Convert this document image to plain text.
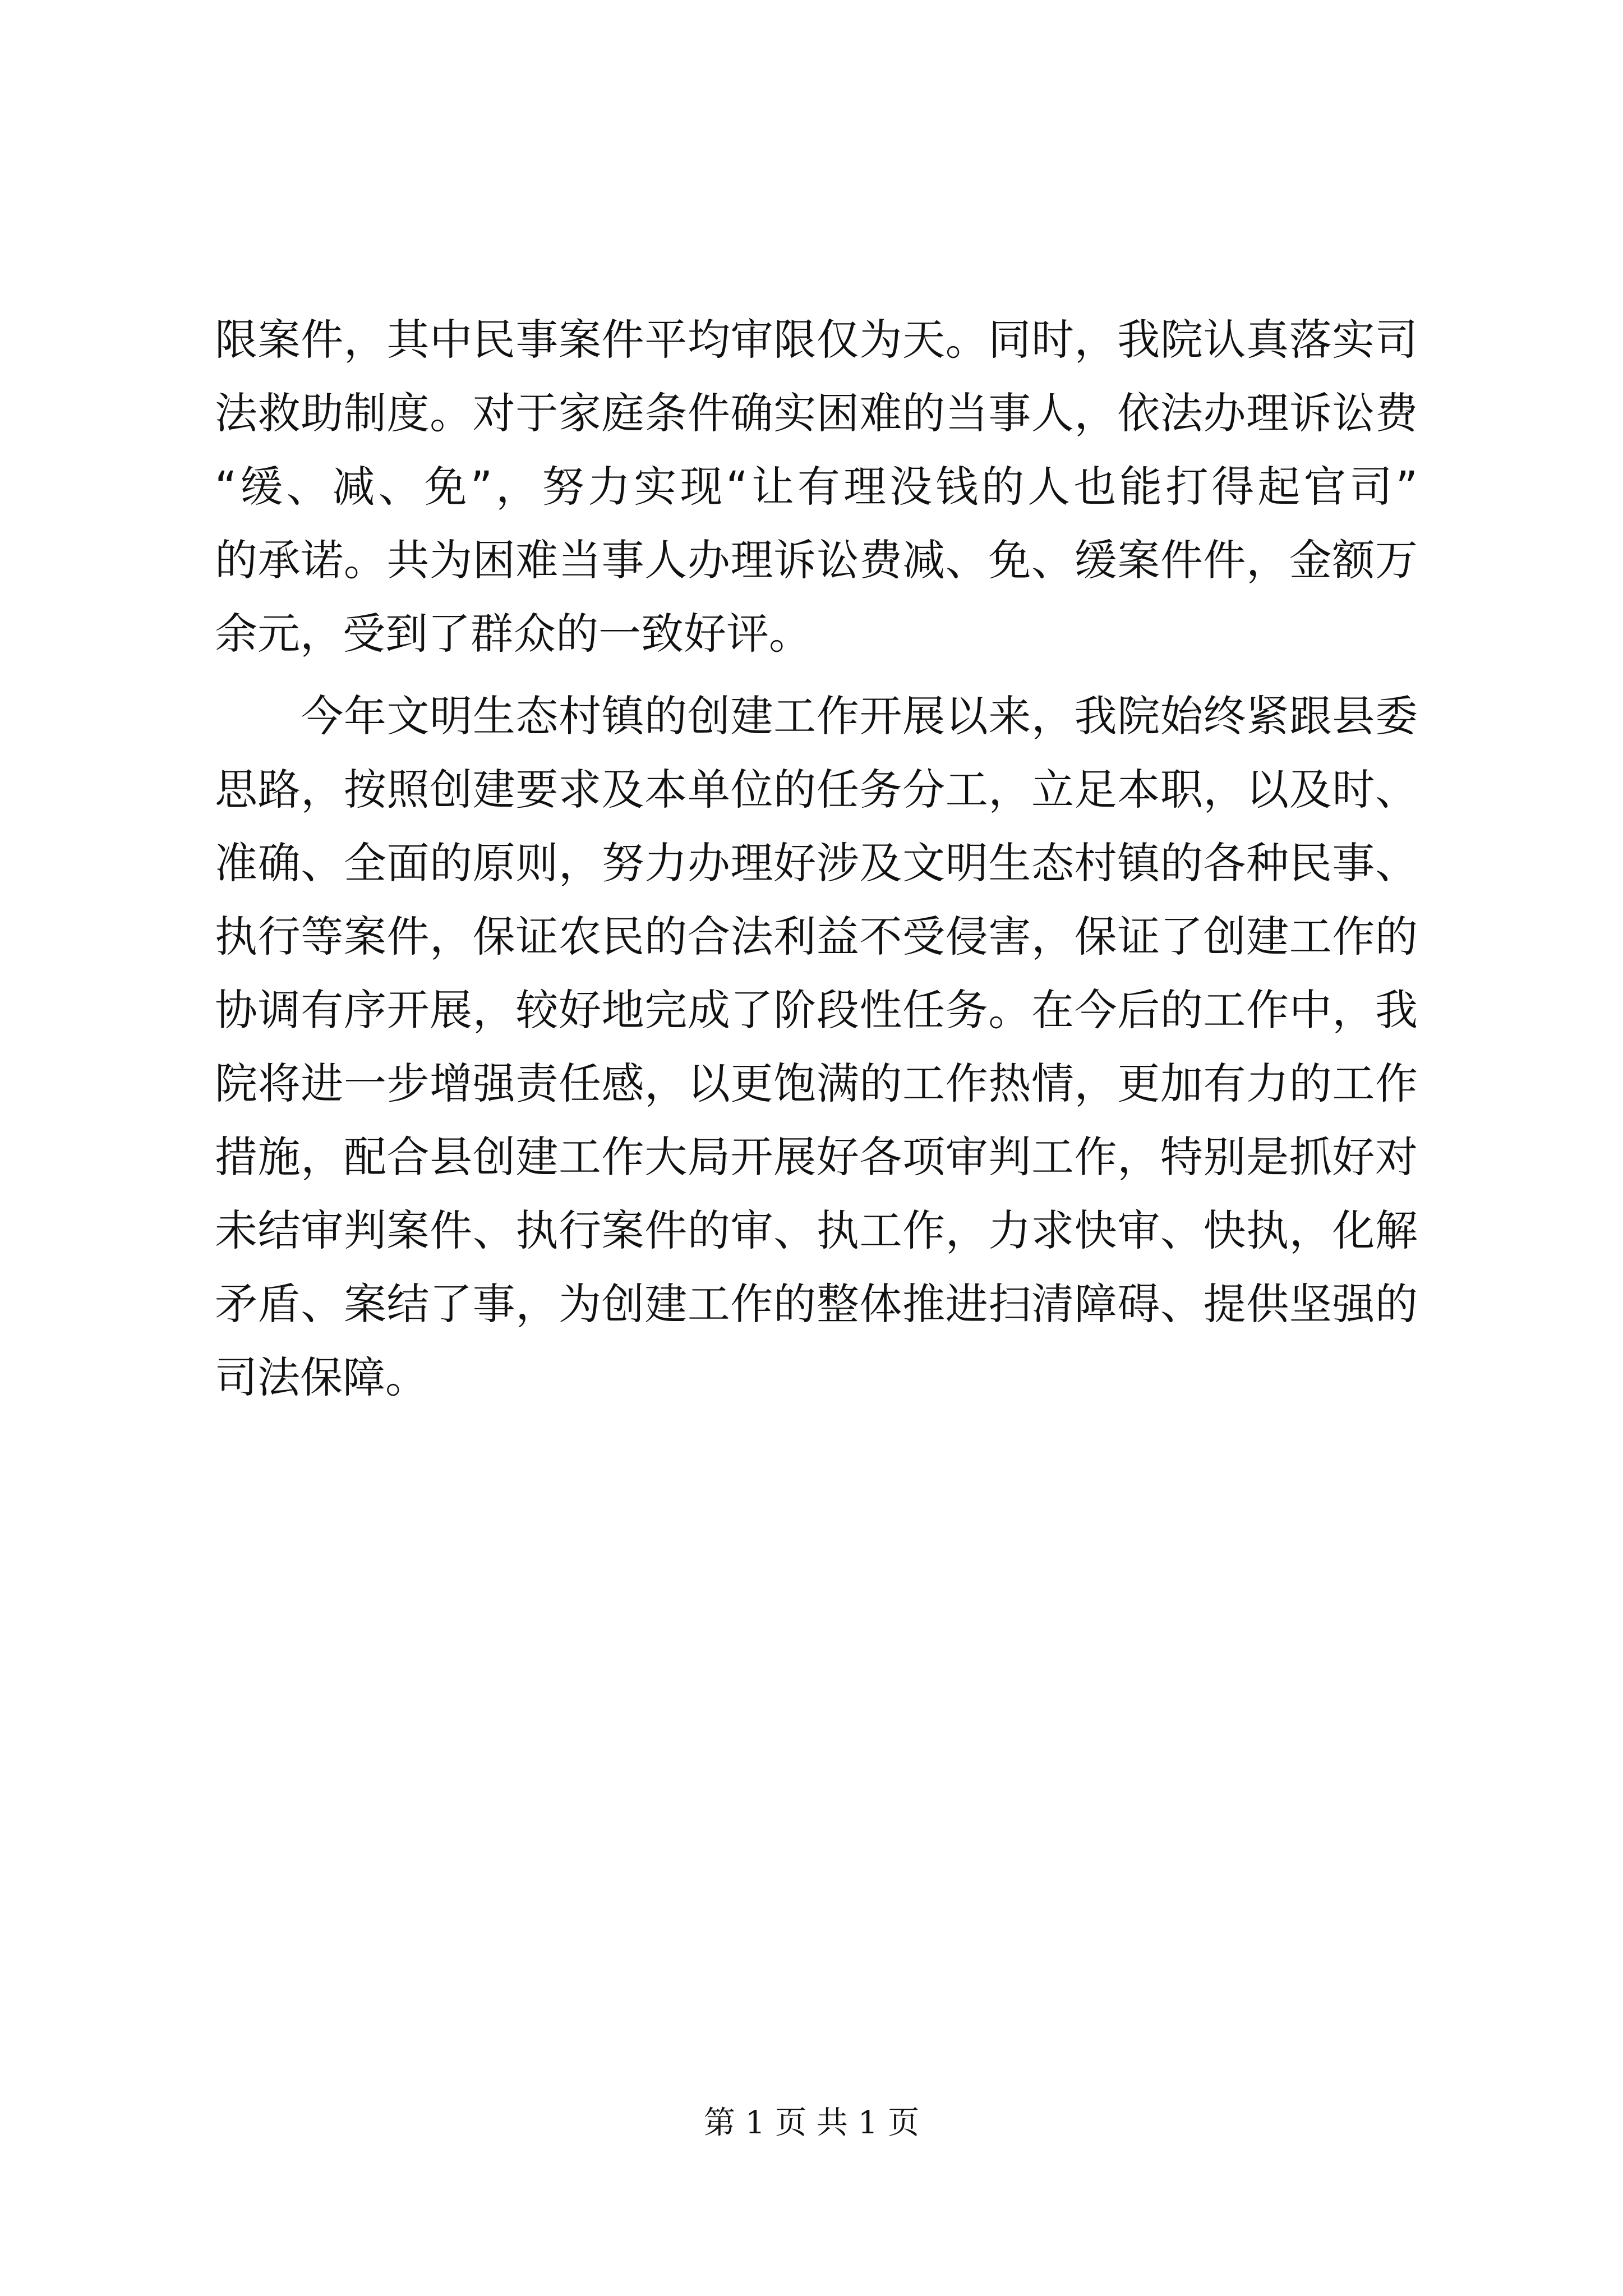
限案件，其中民事案件平均审限仅为天。同时，我院认真落实司
法救助制度。对于家庭条件确实困难的当事人，依法办理诉讼费
“缓、减、免”，努力实现“让有理没钱的人也能打得起官司”
的承诺。共为困难当事人办理诉讼费减、免、缓案件件，金额万
余元，受到了群众的一致好评。
　　今年文明生态村镇的创建工作开展以来，我院始终紧跟县委
思路，按照创建要求及本单位的任务分工，立足本职，以及时、
准确、全面的原则，努力办理好涉及文明生态村镇的各种民事、
执行等案件，保证农民的合法利益不受侵害，保证了创建工作的
协调有序开展，较好地完成了阶段性任务。在今后的工作中，我
院将进一步增强责任感，以更饱满的工作热情，更加有力的工作
措施，配合县创建工作大局开展好各项审判工作，特别是抓好对
未结审判案件、执行案件的审、执工作，力求快审、快执，化解
矛盾、案结了事，为创建工作的整体推进扫清障碍、提供坚强的
司法保障。
第 1 页 共 1 页
